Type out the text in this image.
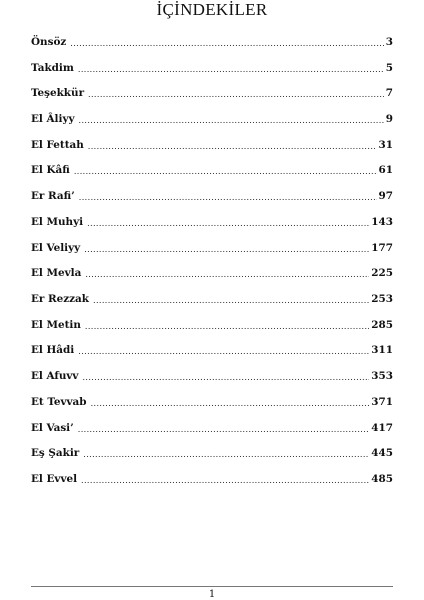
İÇİNDEKİLER
Önsöz .....	3
Takdim .....	5
Teşekkür .....	7
El Âliyy .....	9
El Fettah .....	31
El Kâfi .....	61
Er Rafi’ .....	97
El Muhyi .....	143
El Veliyy .....	177
El Mevla .....	225
Er Rezzak .....	253
El Metin .....	285
El Hâdi .....	311
El Afuvv .....	353
Et Tevvab .....	371
El Vasi’ .....	417
Eş Şakir .....	445
El Evvel .....	485
1
